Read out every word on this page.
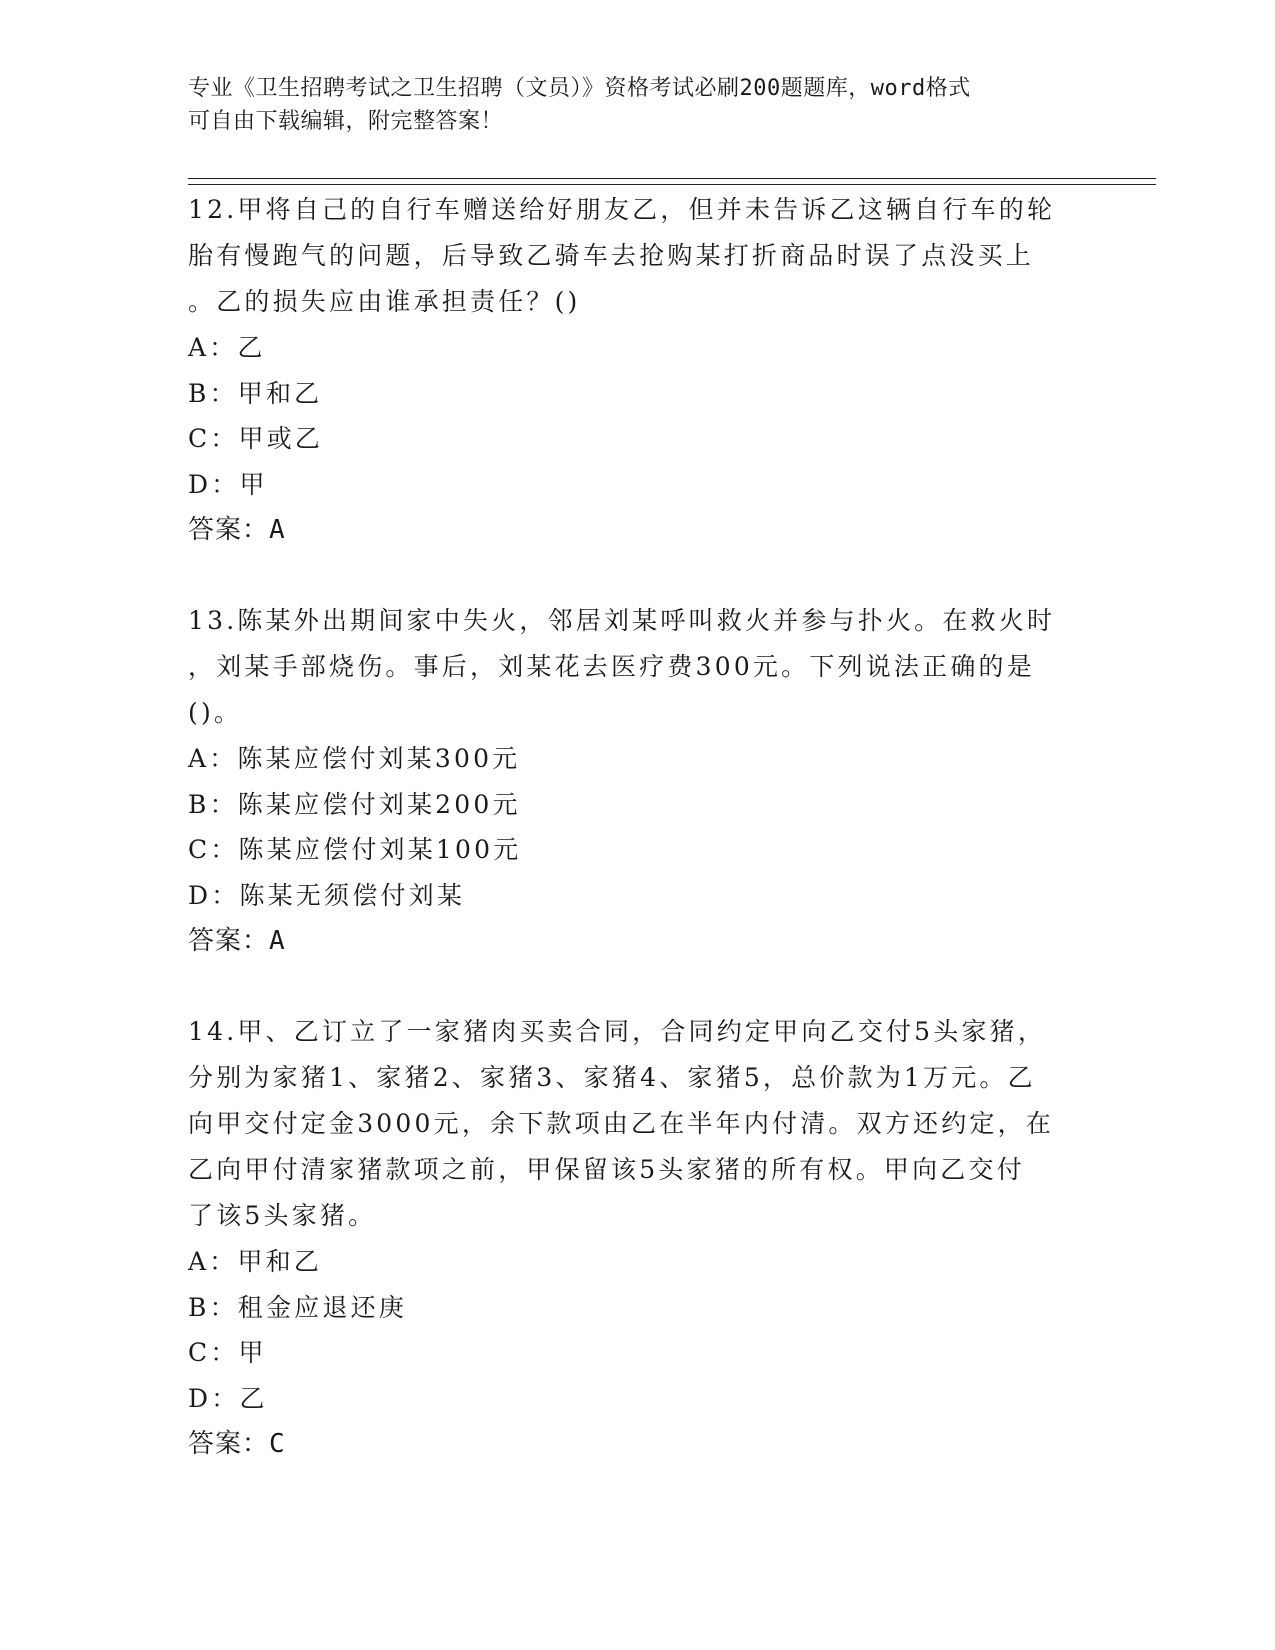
专业《卫生招聘考试之卫生招聘（文员）》资格考试必刷200题题库，word格式
可自由下载编辑，附完整答案！

12.甲将自己的自行车赠送给好朋友乙，但并未告诉乙这辆自行车的轮

胎有慢跑气的问题，后导致乙骑车去抢购某打折商品时误了点没买上

。乙的损失应由谁承担责任？()

A：乙

B：甲和乙

C：甲或乙

D：甲

答案：A

13.陈某外出期间家中失火，邻居刘某呼叫救火并参与扑火。在救火时

，刘某手部烧伤。事后，刘某花去医疗费300元。下列说法正确的是

()。

A：陈某应偿付刘某300元

B：陈某应偿付刘某200元

C：陈某应偿付刘某100元

D：陈某无须偿付刘某

答案：A

14.甲、乙订立了一家猪肉买卖合同，合同约定甲向乙交付5头家猪，

分别为家猪1、家猪2、家猪3、家猪4、家猪5，总价款为1万元。乙

向甲交付定金3000元，余下款项由乙在半年内付清。双方还约定，在

乙向甲付清家猪款项之前，甲保留该5头家猪的所有权。甲向乙交付

了该5头家猪。

A：甲和乙

B：租金应退还庚

C：甲

D：乙

答案：C
